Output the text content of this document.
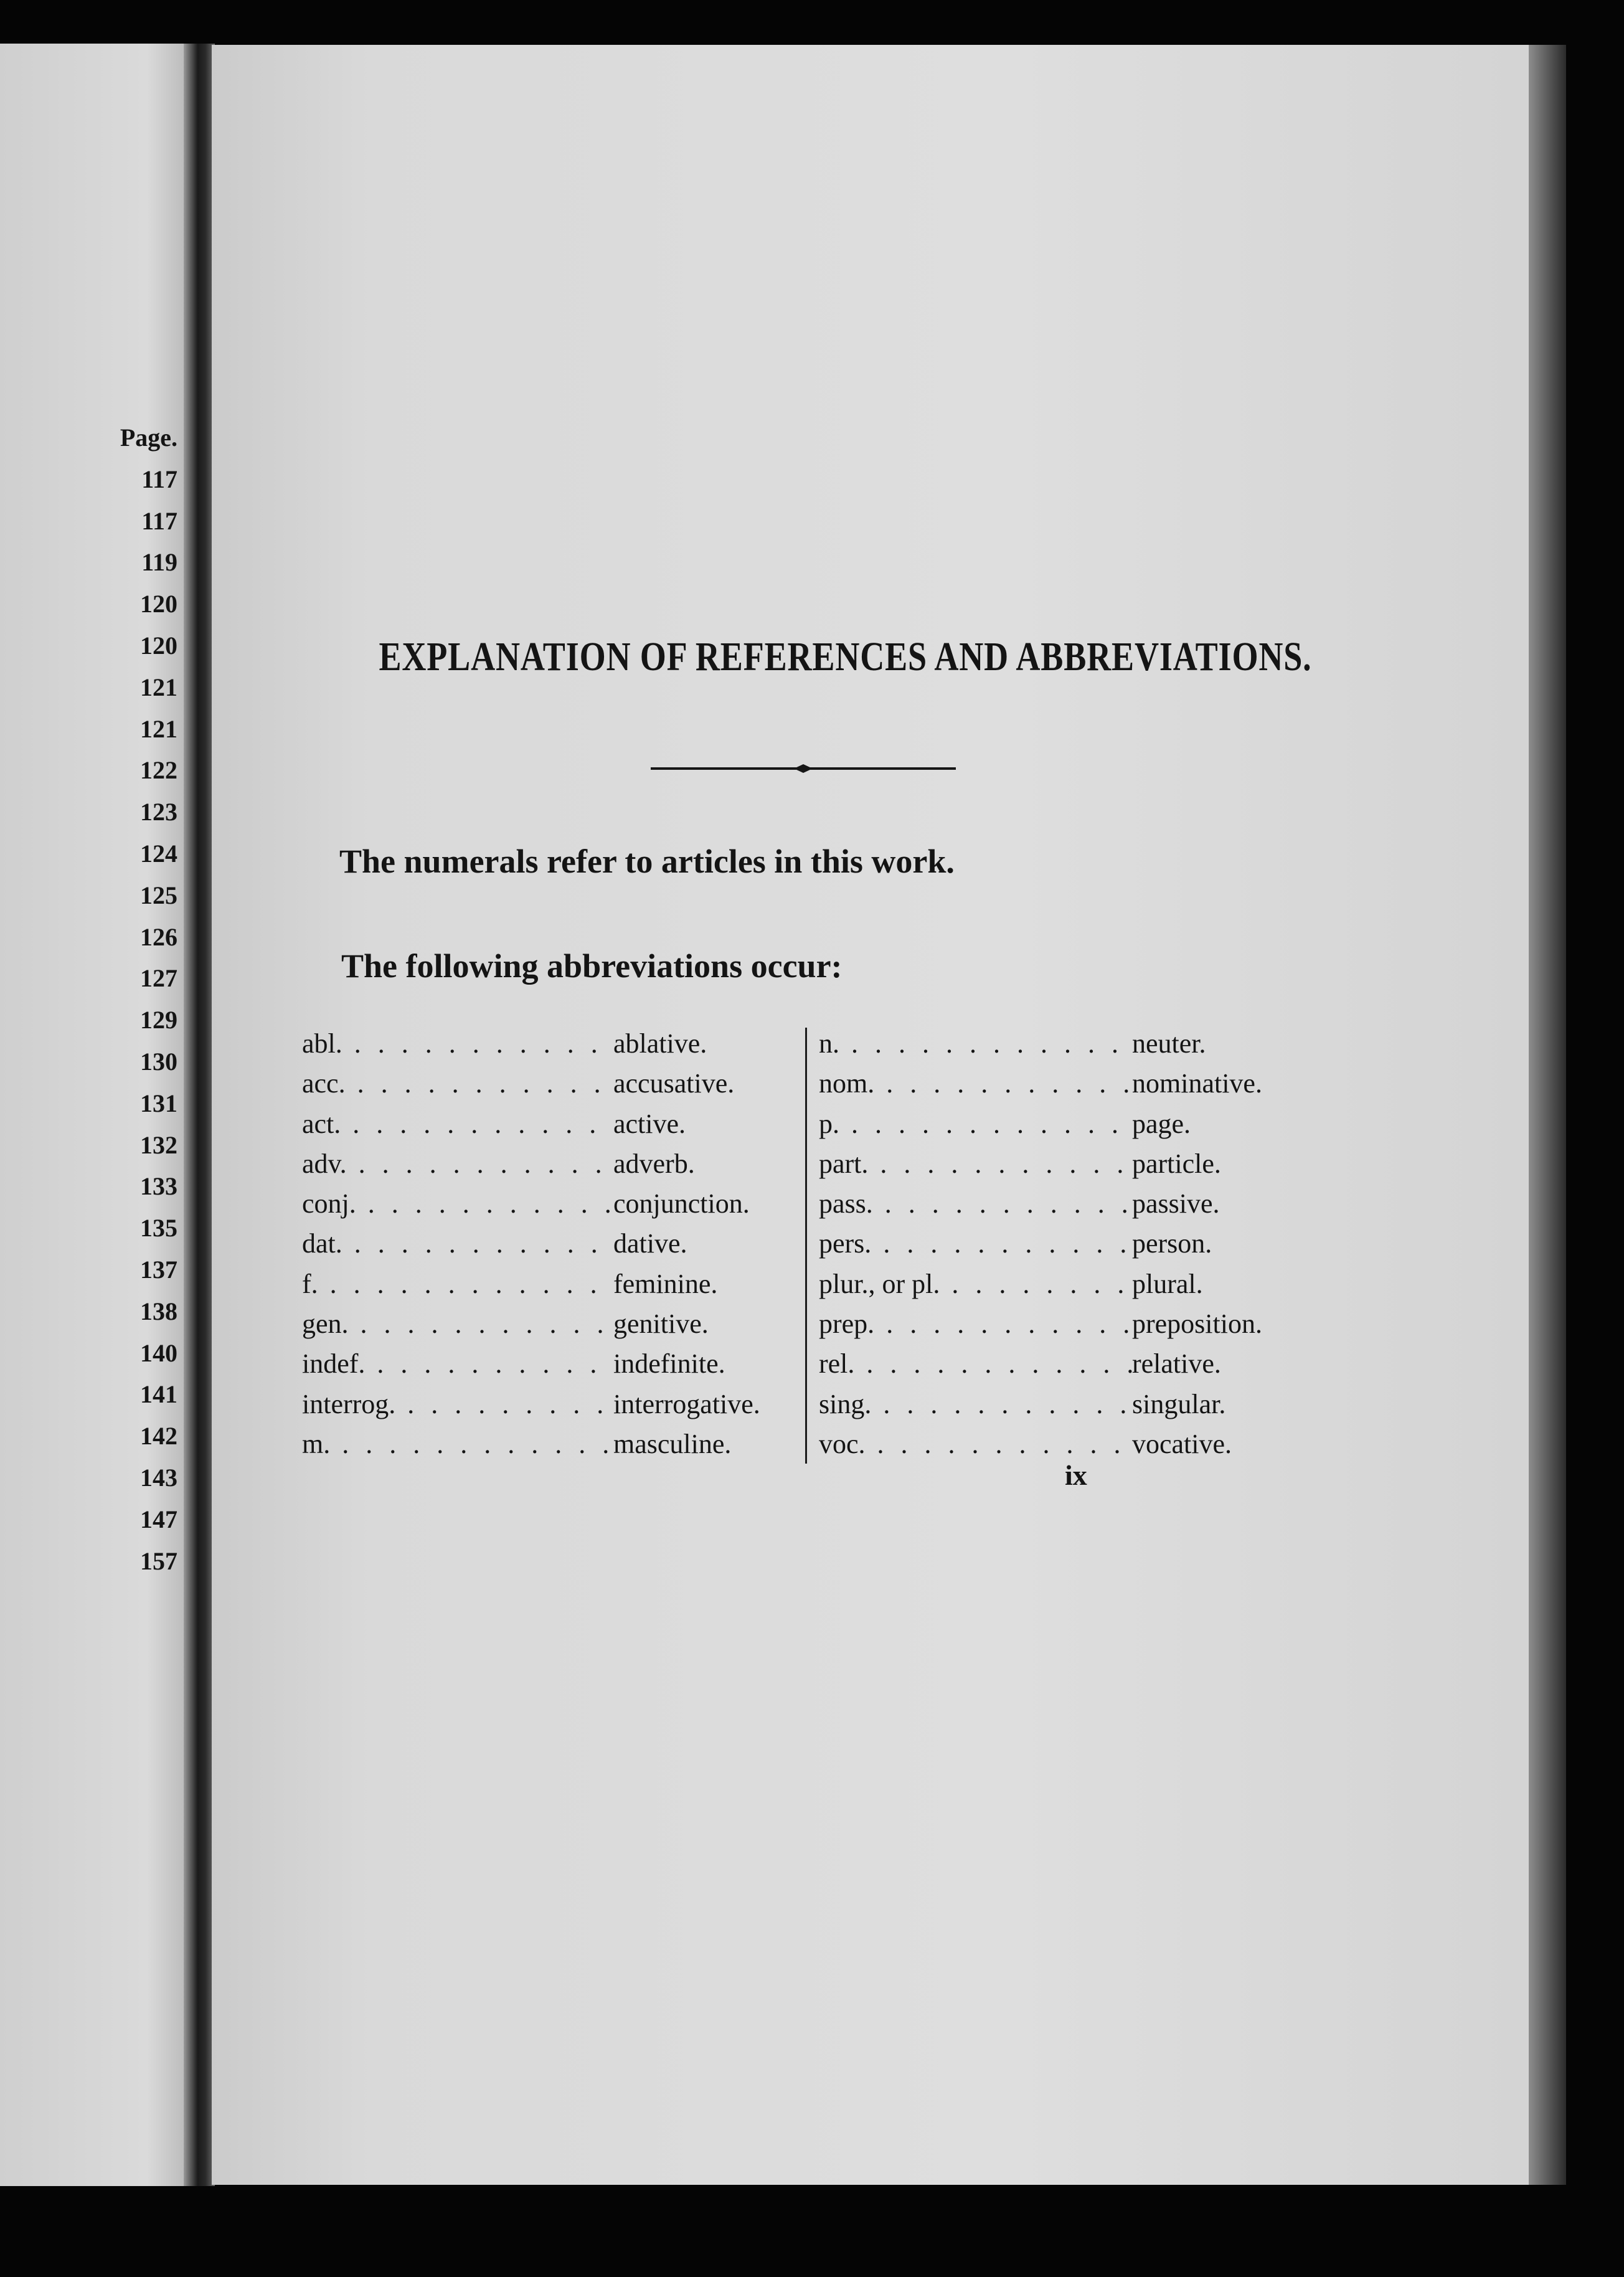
Page.
117
117
119
120
120
121
121
122
123
124
125
126
127
129
130
131
132
133
135
137
138
140
141
142
143
147
157
EXPLANATION OF REFERENCES AND ABBREVIATIONS.

The numerals refer to articles in this work.

The following abbreviations occur:

abl. . . .	ablative.
acc. . . .	accusative.
act. . . .	active.
adv. . . .	adverb.
conj. . . .	conjunction.
dat. . . .	dative.
f. . . .	feminine.
gen. . . .	genitive.
indef. . . .	indefinite.
interrog. . . .	interrogative.
m. . . .	masculine.
n. . . .	neuter.
nom. . . .	nominative.
p. . . .	page.
part. . . .	particle.
pass. . . .	passive.
pers. . . .	person.
plur., or pl. . . .	plural.
prep. . . .	preposition.
rel. . . .	relative.
sing. . . .	singular.
voc. . . .	vocative.

ix
